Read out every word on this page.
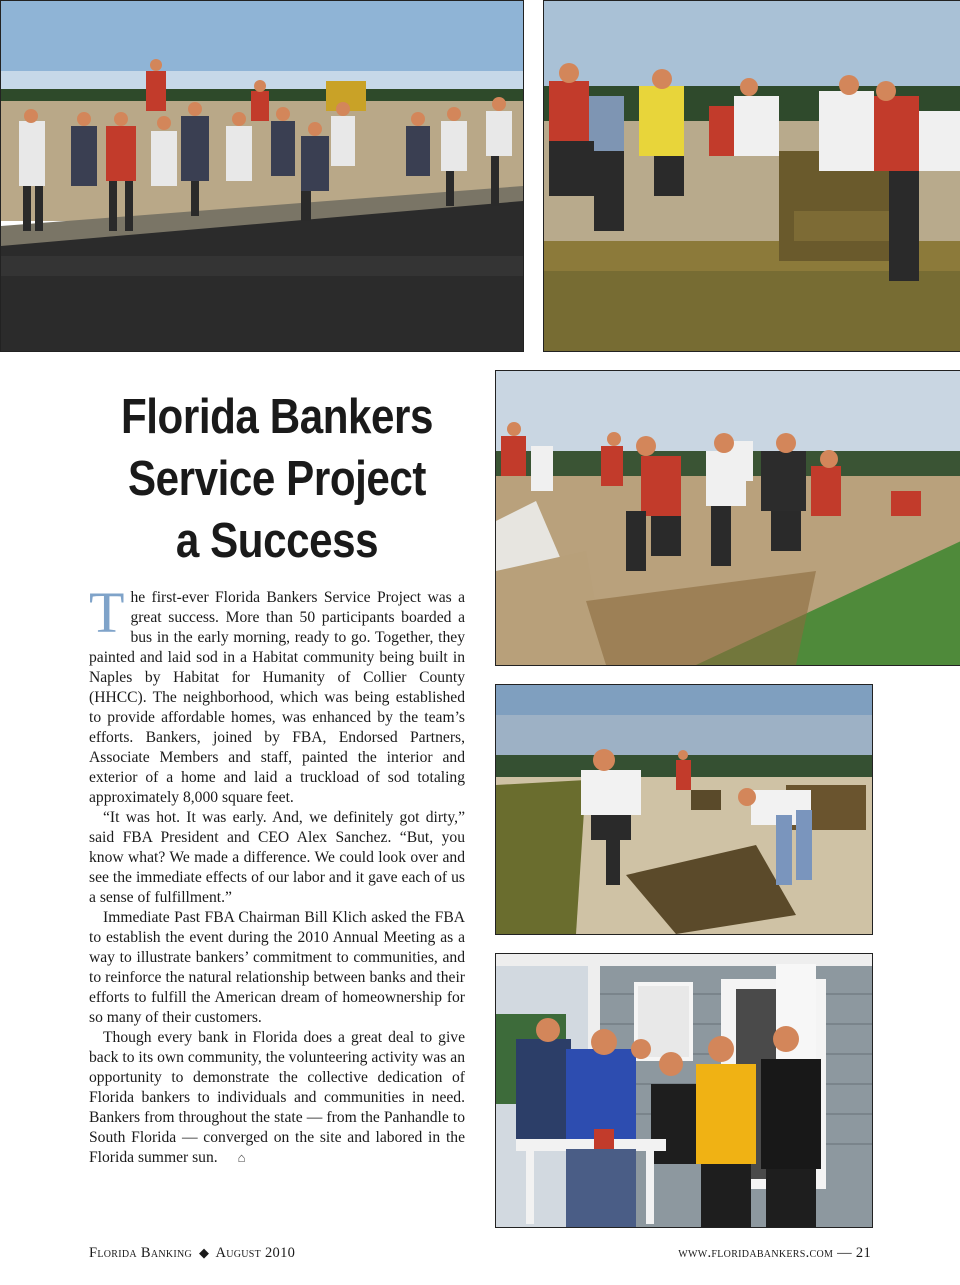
Florida Bankers
Service Project
a Success

The first-ever Florida Bankers Service Project was a great success. More than 50 participants boarded a bus in the early morning, ready to go. Together, they painted and laid sod in a Habitat community being built in Naples by Habitat for Humanity of Collier County (HHCC). The neighborhood, which was being established to provide affordable homes, was enhanced by the team’s efforts. Bankers, joined by FBA, Endorsed Partners, Associate Members and staff, painted the interior and exterior of a home and laid a truckload of sod totaling approximately 8,000 square feet.

“It was hot. It was early. And, we definitely got dirty,” said FBA President and CEO Alex Sanchez. “But, you know what? We made a difference. We could look over and see the immediate effects of our labor and it gave each of us a sense of fulfillment.”

Immediate Past FBA Chairman Bill Klich asked the FBA to establish the event during the 2010 Annual Meeting as a way to illustrate bankers’ commitment to communities, and to reinforce the natural relationship between banks and their efforts to fulfill the American dream of homeownership for so many of their customers.

Though every bank in Florida does a great deal to give back to its own community, the volunteering activity was an opportunity to demonstrate the collective dedication of Florida bankers to individuals and communities in need. Bankers from throughout the state — from the Panhandle to South Florida — converged on the site and labored in the Florida summer sun. ⌂

Florida Banking ◆ August 2010	www.floridabankers.com — 21
